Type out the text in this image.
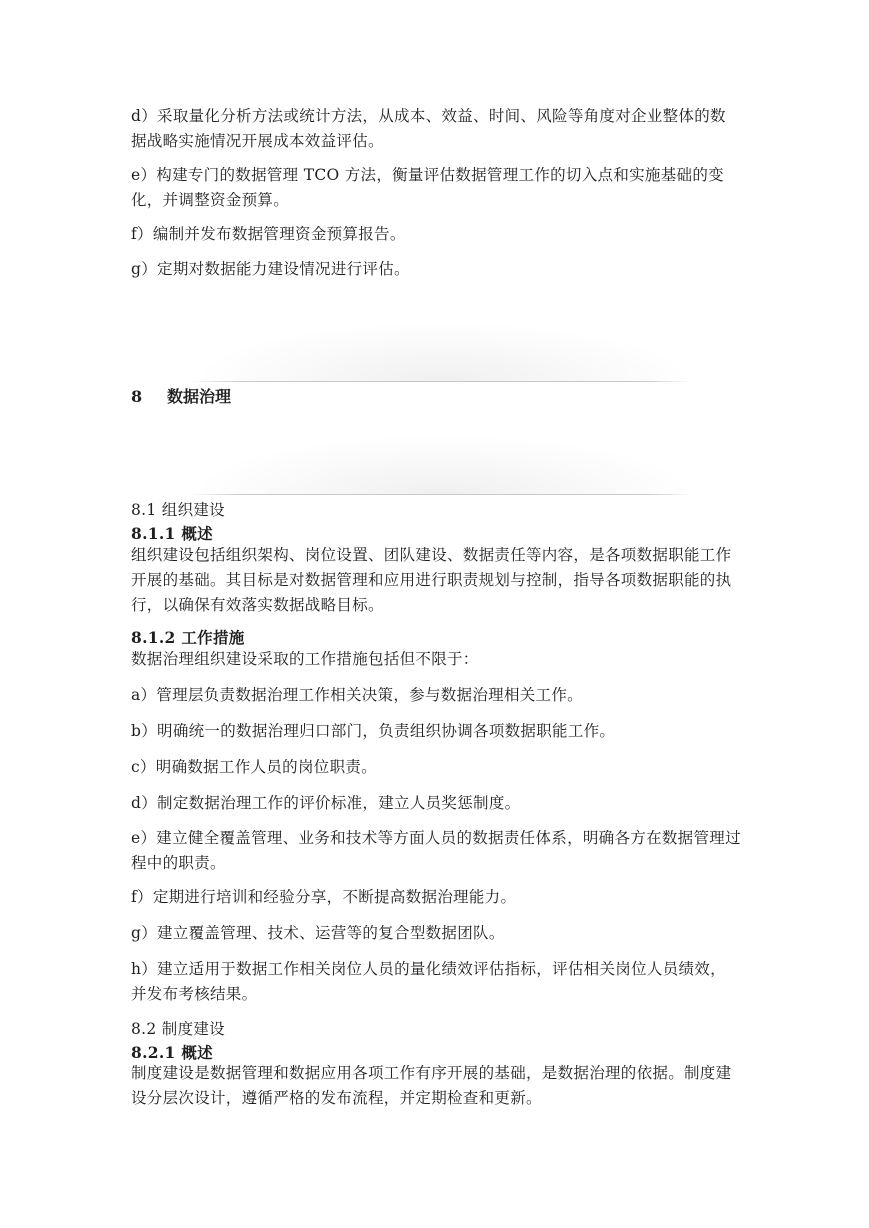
d）采取量化分析方法或统计方法，从成本、效益、时间、风险等角度对企业整体的数据战略实施情况开展成本效益评估。

e）构建专门的数据管理 TCO 方法，衡量评估数据管理工作的切入点和实施基础的变化，并调整资金预算。

f）编制并发布数据管理资金预算报告。

g）定期对数据能力建设情况进行评估。

8 数据治理

8.1 组织建设

8.1.1 概述

组织建设包括组织架构、岗位设置、团队建设、数据责任等内容，是各项数据职能工作开展的基础。其目标是对数据管理和应用进行职责规划与控制，指导各项数据职能的执行，以确保有效落实数据战略目标。

8.1.2 工作措施

数据治理组织建设采取的工作措施包括但不限于：

a）管理层负责数据治理工作相关决策，参与数据治理相关工作。

b）明确统一的数据治理归口部门，负责组织协调各项数据职能工作。

c）明确数据工作人员的岗位职责。

d）制定数据治理工作的评价标准，建立人员奖惩制度。

e）建立健全覆盖管理、业务和技术等方面人员的数据责任体系，明确各方在数据管理过程中的职责。

f）定期进行培训和经验分享，不断提高数据治理能力。

g）建立覆盖管理、技术、运营等的复合型数据团队。

h）建立适用于数据工作相关岗位人员的量化绩效评估指标，评估相关岗位人员绩效，并发布考核结果。

8.2 制度建设

8.2.1 概述

制度建设是数据管理和数据应用各项工作有序开展的基础，是数据治理的依据。制度建设分层次设计，遵循严格的发布流程，并定期检查和更新。
